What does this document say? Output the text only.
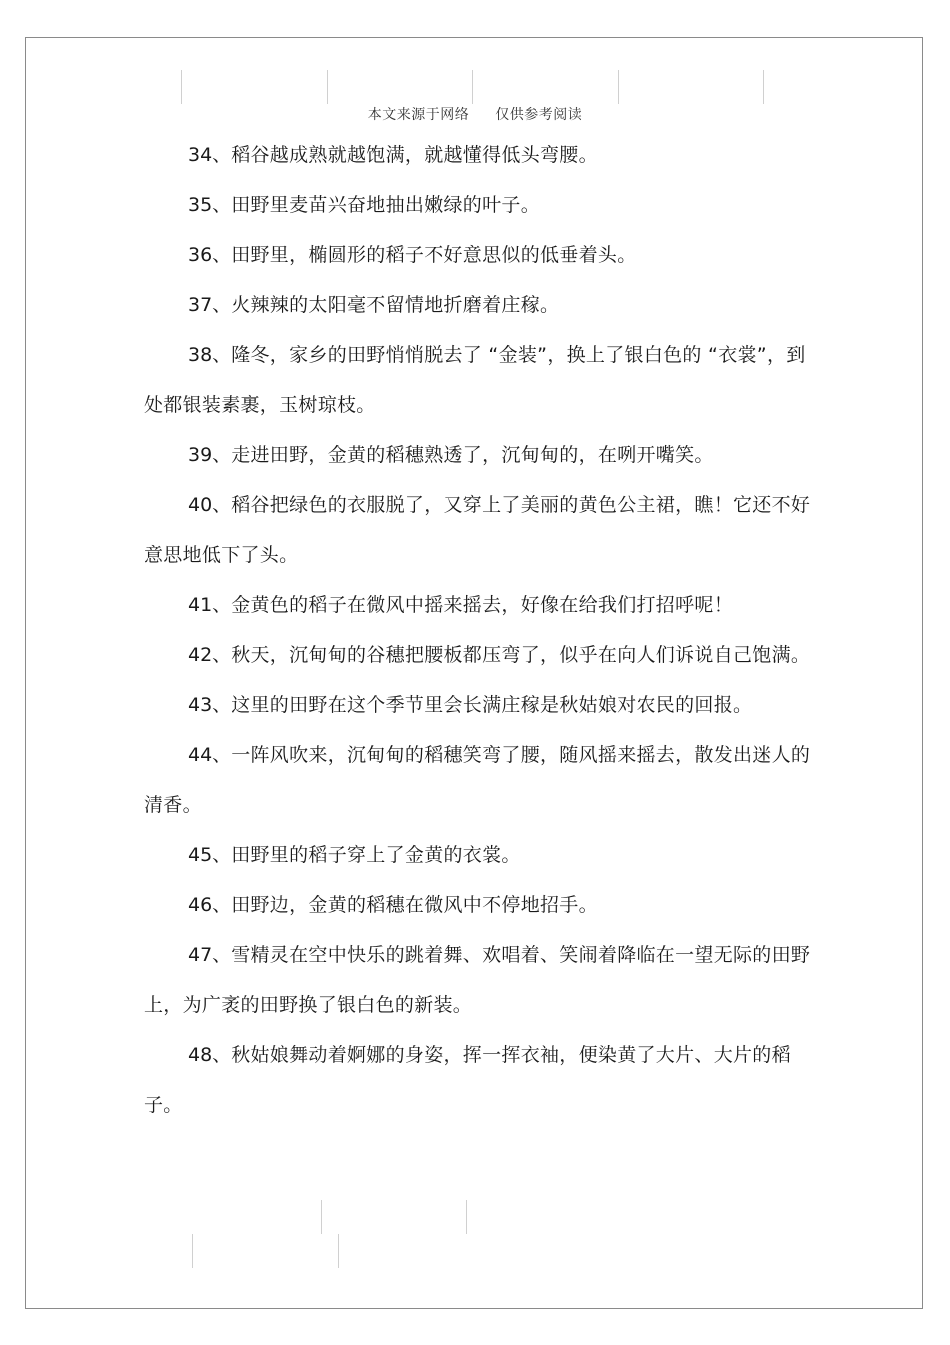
本文来源于网络 仅供参考阅读

34、稻谷越成熟就越饱满，就越懂得低头弯腰。

35、田野里麦苗兴奋地抽出嫩绿的叶子。

36、田野里，椭圆形的稻子不好意思似的低垂着头。

37、火辣辣的太阳毫不留情地折磨着庄稼。

38、隆冬，家乡的田野悄悄脱去了 “金装”，换上了银白色的 “衣裳”，到处都银装素裹，玉树琼枝。

39、走进田野，金黄的稻穗熟透了，沉甸甸的，在咧开嘴笑。

40、稻谷把绿色的衣服脱了，又穿上了美丽的黄色公主裙，瞧！它还不好意思地低下了头。

41、金黄色的稻子在微风中摇来摇去，好像在给我们打招呼呢！

42、秋天，沉甸甸的谷穗把腰板都压弯了，似乎在向人们诉说自己饱满。

43、这里的田野在这个季节里会长满庄稼是秋姑娘对农民的回报。

44、一阵风吹来，沉甸甸的稻穗笑弯了腰，随风摇来摇去，散发出迷人的清香。

45、田野里的稻子穿上了金黄的衣裳。

46、田野边，金黄的稻穗在微风中不停地招手。

47、雪精灵在空中快乐的跳着舞、欢唱着、笑闹着降临在一望无际的田野上，为广袤的田野换了银白色的新装。

48、秋姑娘舞动着婀娜的身姿，挥一挥衣袖，便染黄了大片、大片的稻子。
